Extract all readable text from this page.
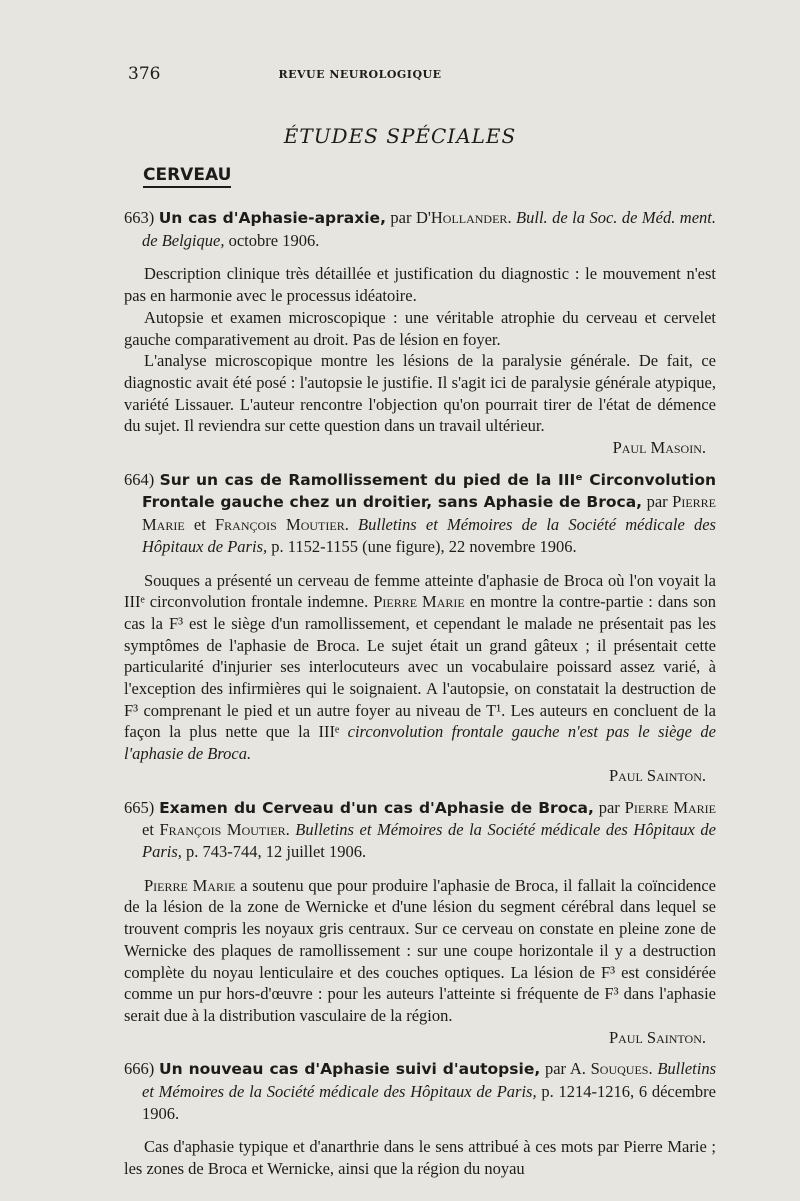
376	REVUE NEUROLOGIQUE
ÉTUDES SPÉCIALES
CERVEAU
663) Un cas d'Aphasie-apraxie, par D'Hollander. Bull. de la Soc. de Méd. ment. de Belgique, octobre 1906.

Description clinique très détaillée et justification du diagnostic : le mouvement n'est pas en harmonie avec le processus idéatoire.

Autopsie et examen microscopique : une véritable atrophie du cerveau et cervelet gauche comparativement au droit. Pas de lésion en foyer.

L'analyse microscopique montre les lésions de la paralysie générale. De fait, ce diagnostic avait été posé : l'autopsie le justifie. Il s'agit ici de paralysie générale atypique, variété Lissauer. L'auteur rencontre l'objection qu'on pourrait tirer de l'état de démence du sujet. Il reviendra sur cette question dans un travail ultérieur.

Paul Masoin.
664) Sur un cas de Ramollissement du pied de la IIIᵉ Circonvolution Frontale gauche chez un droitier, sans Aphasie de Broca, par Pierre Marie et François Moutier. Bulletins et Mémoires de la Société médicale des Hôpitaux de Paris, p. 1152-1155 (une figure), 22 novembre 1906.

Souques a présenté un cerveau de femme atteinte d'aphasie de Broca où l'on voyait la IIIᵉ circonvolution frontale indemne. Pierre Marie en montre la contre-partie : dans son cas la F³ est le siège d'un ramollissement, et cependant le malade ne présentait pas les symptômes de l'aphasie de Broca. Le sujet était un grand gâteux ; il présentait cette particularité d'injurier ses interlocuteurs avec un vocabulaire poissard assez varié, à l'exception des infirmières qui le soignaient. A l'autopsie, on constatait la destruction de F³ comprenant le pied et un autre foyer au niveau de T¹. Les auteurs en concluent de la façon la plus nette que la IIIᵉ circonvolution frontale gauche n'est pas le siège de l'aphasie de Broca.

Paul Sainton.
665) Examen du Cerveau d'un cas d'Aphasie de Broca, par Pierre Marie et François Moutier. Bulletins et Mémoires de la Société médicale des Hôpitaux de Paris, p. 743-744, 12 juillet 1906.

Pierre Marie a soutenu que pour produire l'aphasie de Broca, il fallait la coïncidence de la lésion de la zone de Wernicke et d'une lésion du segment cérébral dans lequel se trouvent compris les noyaux gris centraux. Sur ce cerveau on constate en pleine zone de Wernicke des plaques de ramollissement : sur une coupe horizontale il y a destruction complète du noyau lenticulaire et des couches optiques. La lésion de F³ est considérée comme un pur hors-d'œuvre : pour les auteurs l'atteinte si fréquente de F³ dans l'aphasie serait due à la distribution vasculaire de la région.

Paul Sainton.
666) Un nouveau cas d'Aphasie suivi d'autopsie, par A. Souques. Bulletins et Mémoires de la Société médicale des Hôpitaux de Paris, p. 1214-1216, 6 décembre 1906.

Cas d'aphasie typique et d'anarthrie dans le sens attribué à ces mots par Pierre Marie ; les zones de Broca et Wernicke, ainsi que la région du noyau
